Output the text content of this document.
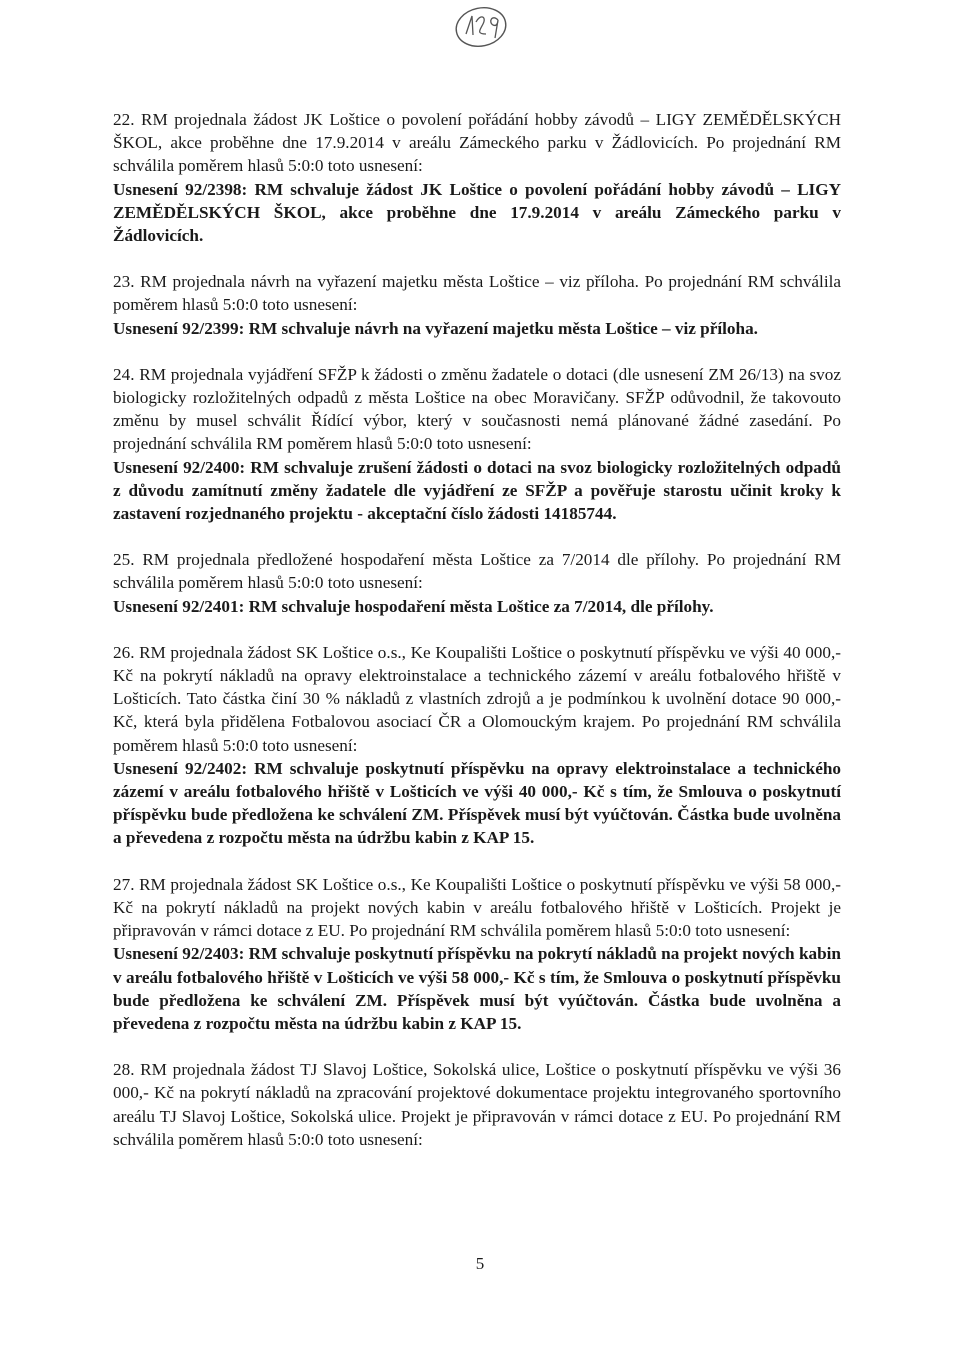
22. RM projednala žádost JK Loštice o povolení pořádání hobby závodů – LIGY ZEMĚDĚLSKÝCH ŠKOL, akce proběhne dne 17.9.2014 v areálu Zámeckého parku v Žádlovicích. Po projednání RM schválila poměrem hlasů 5:0:0 toto usnesení:

Usnesení 92/2398: RM schvaluje žádost JK Loštice o povolení pořádání hobby závodů – LIGY ZEMĚDĚLSKÝCH ŠKOL, akce proběhne dne 17.9.2014 v areálu Zámeckého parku v Žádlovicích.

23. RM projednala návrh na vyřazení majetku města Loštice – viz příloha. Po projednání RM schválila poměrem hlasů 5:0:0 toto usnesení:

Usnesení 92/2399: RM schvaluje návrh na vyřazení majetku města Loštice – viz příloha.

24. RM projednala vyjádření SFŽP k žádosti o změnu žadatele o dotaci (dle usnesení ZM 26/13) na svoz biologicky rozložitelných odpadů z města Loštice na obec Moravičany. SFŽP odůvodnil, že takovouto změnu by musel schválit Řídící výbor, který v současnosti nemá plánované žádné zasedání. Po projednání schválila RM poměrem hlasů 5:0:0 toto usnesení:

Usnesení 92/2400: RM schvaluje zrušení žádosti o dotaci na svoz biologicky rozložitelných odpadů z důvodu zamítnutí změny žadatele dle vyjádření ze SFŽP a pověřuje starostu učinit kroky k zastavení rozjednaného projektu - akceptační číslo žádosti 14185744.

25. RM projednala předložené hospodaření města Loštice za 7/2014 dle přílohy. Po projednání RM schválila poměrem hlasů 5:0:0 toto usnesení:

Usnesení 92/2401: RM schvaluje hospodaření města Loštice za 7/2014, dle přílohy.

26. RM projednala žádost SK Loštice o.s., Ke Koupališti Loštice o poskytnutí příspěvku ve výši 40 000,- Kč na pokrytí nákladů na opravy elektroinstalace a technického zázemí v areálu fotbalového hřiště v Lošticích. Tato částka činí 30 % nákladů z vlastních zdrojů a je podmínkou k uvolnění dotace 90 000,- Kč, která byla přidělena Fotbalovou asociací ČR a Olomouckým krajem. Po projednání RM schválila poměrem hlasů 5:0:0 toto usnesení:

Usnesení 92/2402: RM schvaluje poskytnutí příspěvku na opravy elektroinstalace a technického zázemí v areálu fotbalového hřiště v Lošticích ve výši 40 000,- Kč s tím, že Smlouva o poskytnutí příspěvku bude předložena ke schválení ZM. Příspěvek musí být vyúčtován. Částka bude uvolněna a převedena z rozpočtu města na údržbu kabin z KAP 15.

27. RM projednala žádost SK Loštice o.s., Ke Koupališti Loštice o poskytnutí příspěvku ve výši 58 000,- Kč na pokrytí nákladů na projekt nových kabin v areálu fotbalového hřiště v Lošticích. Projekt je připravován v rámci dotace z EU. Po projednání RM schválila poměrem hlasů 5:0:0 toto usnesení:

Usnesení 92/2403: RM schvaluje poskytnutí příspěvku na pokrytí nákladů na projekt nových kabin v areálu fotbalového hřiště v Lošticích ve výši 58 000,- Kč s tím, že Smlouva o poskytnutí příspěvku bude předložena ke schválení ZM. Příspěvek musí být vyúčtován. Částka bude uvolněna a převedena z rozpočtu města na údržbu kabin z KAP 15.

28. RM projednala žádost TJ Slavoj Loštice, Sokolská ulice, Loštice o poskytnutí příspěvku ve výši 36 000,- Kč na pokrytí nákladů na zpracování projektové dokumentace projektu integrovaného sportovního areálu TJ Slavoj Loštice, Sokolská ulice. Projekt je připravován v rámci dotace z EU. Po projednání RM schválila poměrem hlasů 5:0:0 toto usnesení:

5
